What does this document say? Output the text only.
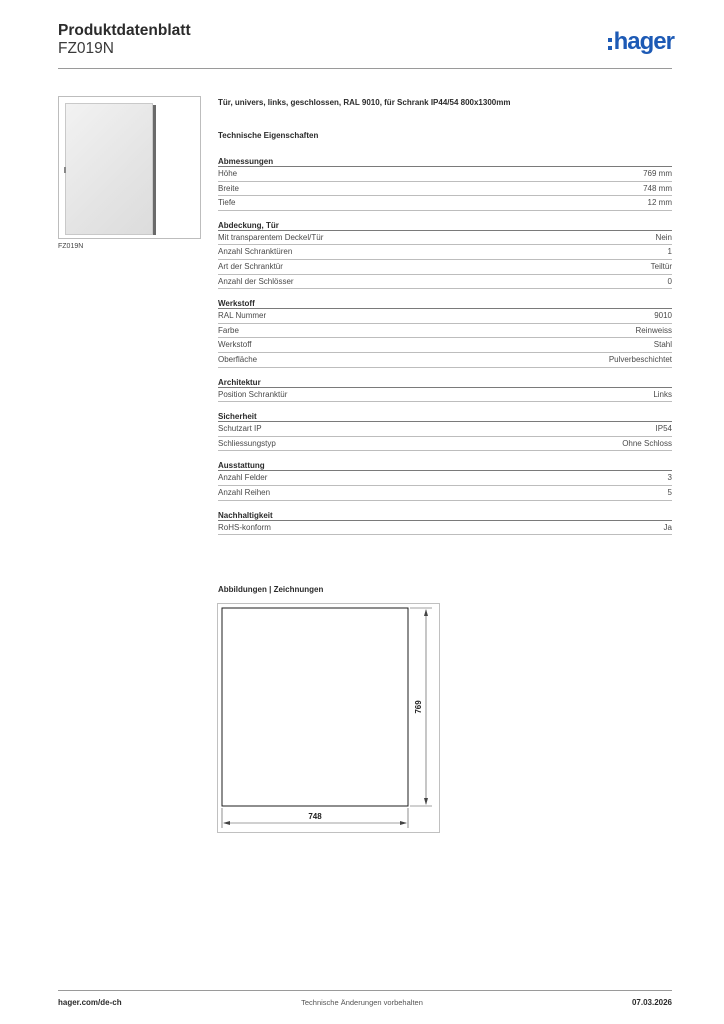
Produktdatenblatt
FZ019N	hager
FZ019N
Tür, univers, links, geschlossen, RAL 9010, für Schrank IP44/54 800x1300mm
Technische Eigenschaften
Abmessungen
Höhe	769 mm
Breite	748 mm
Tiefe	12 mm
Abdeckung, Tür
Mit transparentem Deckel/Tür	Nein
Anzahl Schranktüren	1
Art der Schranktür	Teiltür
Anzahl der Schlösser	0
Werkstoff
RAL Nummer	9010
Farbe	Reinweiss
Werkstoff	Stahl
Oberfläche	Pulverbeschichtet
Architektur
Position Schranktür	Links
Sicherheit
Schutzart IP	IP54
Schliessungstyp	Ohne Schloss
Ausstattung
Anzahl Felder	3
Anzahl Reihen	5
Nachhaltigkeit
RoHS-konform	Ja
Abbildungen | Zeichnungen
769
748
hager.com/de-ch	Technische Änderungen vorbehalten	07.03.2026
